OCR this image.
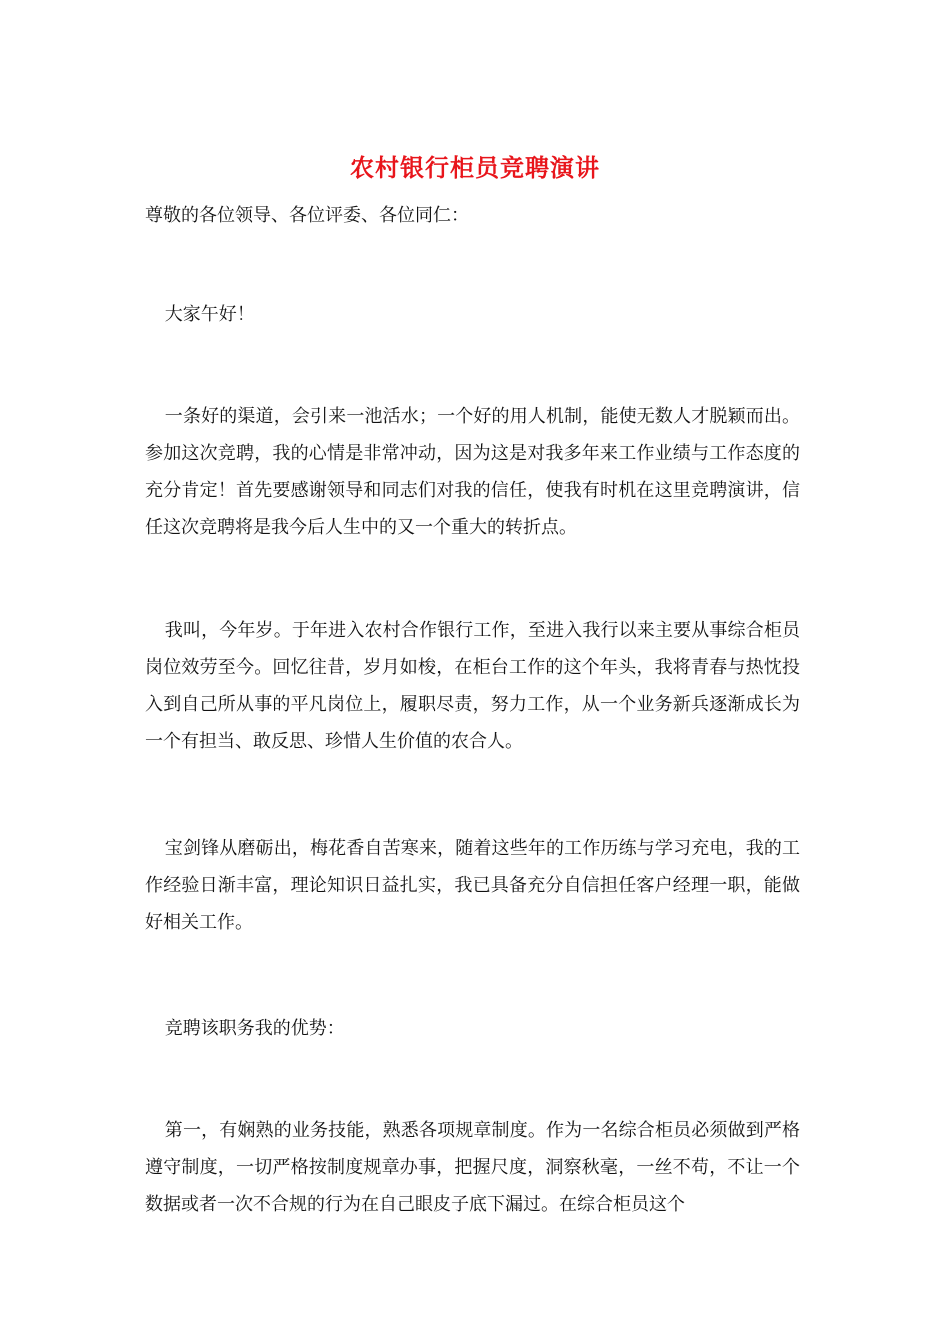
农村银行柜员竞聘演讲

尊敬的各位领导、各位评委、各位同仁：

大家午好！

一条好的渠道，会引来一池活水；一个好的用人机制，能使无数人才脱颖而出。参加这次竞聘，我的心情是非常冲动，因为这是对我多年来工作业绩与工作态度的充分肯定！首先要感谢领导和同志们对我的信任，使我有时机在这里竞聘演讲，信任这次竞聘将是我今后人生中的又一个重大的转折点。

我叫，今年岁。于年进入农村合作银行工作，至进入我行以来主要从事综合柜员岗位效劳至今。回忆往昔，岁月如梭，在柜台工作的这个年头，我将青春与热忱投入到自己所从事的平凡岗位上，履职尽责，努力工作，从一个业务新兵逐渐成长为一个有担当、敢反思、珍惜人生价值的农合人。

宝剑锋从磨砺出，梅花香自苦寒来，随着这些年的工作历练与学习充电，我的工作经验日渐丰富，理论知识日益扎实，我已具备充分自信担任客户经理一职，能做好相关工作。

竞聘该职务我的优势：

第一，有娴熟的业务技能，熟悉各项规章制度。作为一名综合柜员必须做到严格遵守制度，一切严格按制度规章办事，把握尺度，洞察秋毫，一丝不苟，不让一个数据或者一次不合规的行为在自己眼皮子底下漏过。在综合柜员这个
